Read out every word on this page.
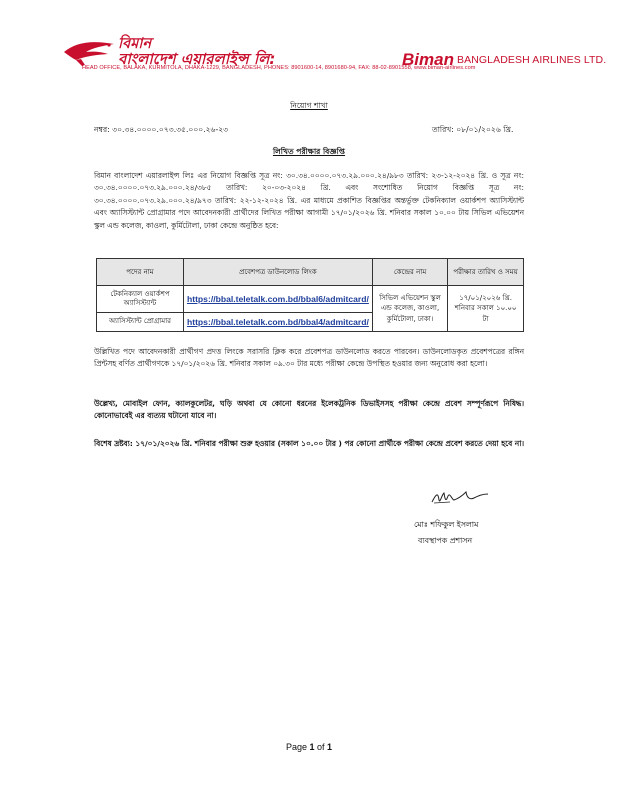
বিমান
বাংলাদেশ এয়ারলাইন্স লি:	Biman BANGLADESH AIRLINES LTD.
HEAD OFFICE, BALAKA, KURMITOLA, DHAKA-1229, BANGLADESH, PHONES: 8901600-14, 8901680-94, FAX: 88-02-8901558, www.biman-airlines.com
নিয়োগ শাখা
নম্বর: ৩০.৩৪.০০০০.০৭৩.৩৫.০০০.২৬-২৩	তারিখ: ০৮/০১/২০২৬ খ্রি.
লিখিত পরীক্ষার বিজ্ঞপ্তি
বিমান বাংলাদেশ এয়ারলাইন্স লিঃ এর নিয়োগ বিজ্ঞপ্তি সূত্র নং: ৩০.৩৪.০০০০.০৭৩.২৯.০০০.২৪/৯৮৩ তারিখ: ২৩-১২-২০২৪ খ্রি. ও সূত্র নং: ৩০.৩৪.০০০০.০৭৩.২৯.০০০.২৪/৩৮৫ তারিখ: ২০-০৩-২০২৪ খ্রি. এবং সংশোধিত নিয়োগ বিজ্ঞপ্তি সূত্র নং: ৩০.৩৪.০০০০.০৭৩.২৯.০০০.২৪/৯৭৩ তারিখ: ২২-১২-২০২৪ খ্রি. এর মাধ্যমে প্রকাশিত বিজ্ঞপ্তির অন্তর্ভুক্ত টেকনিক্যাল ওয়ার্কশপ অ্যাসিস্ট্যান্ট এবং অ্যাসিস্ট্যান্ট প্রোগ্রামার পদে আবেদনকারী প্রার্থীদের লিখিত পরীক্ষা আগামী ১৭/০১/২০২৬ খ্রি. শনিবার সকাল ১০.০০ টায় সিভিল এভিয়েশন স্কুল এন্ড কলেজ, কাওলা, কুর্মিটোলা, ঢাকা কেন্দ্রে অনুষ্ঠিত হবে:
পদের নাম	প্রবেশপত্র ডাউনলোড লিংক	কেন্দ্রের নাম	পরীক্ষার তারিখ ও সময়
টেকনিক্যাল ওয়ার্কশপ অ্যাসিস্ট্যান্ট	https://bbal.teletalk.com.bd/bbal6/admitcard/	সিভিল এভিয়েশন স্কুল এন্ড কলেজ, কাওলা, কুর্মিটোলা, ঢাকা।	১৭/০১/২০২৬ খ্রি. শনিবার সকাল ১০.০০ টা
অ্যাসিস্ট্যান্ট প্রোগ্রামার	https://bbal.teletalk.com.bd/bbal4/admitcard/		
উল্লিখিত পদে আবেদনকারী প্রার্থীগণ প্রদত্ত লিংকে সরাসরি ক্লিক করে প্রবেশপত্র ডাউনলোড করতে পারবেন। ডাউনলোডকৃত প্রবেশপত্রের রঙ্গিন প্রিন্টসহ বর্ণিত প্রার্থীগণকে ১৭/০১/২০২৬ খ্রি. শনিবার সকাল ০৯.৩০ টার মধ্যে পরীক্ষা কেন্দ্রে উপস্থিত হওয়ার জন্য অনুরোধ করা হলো।
উল্লেখ্য, মোবাইল ফোন, ক্যালকুলেটর, ঘড়ি অথবা যে কোনো ধরনের ইলেকট্রনিক ডিভাইসসহ পরীক্ষা কেন্দ্রে প্রবেশ সম্পূর্ণরূপে নিষিদ্ধ। কোনোভাবেই এর ব্যত্যয় ঘটানো যাবে না।
বিশেষ দ্রষ্টব্য: ১৭/০১/২০২৬ খ্রি. শনিবার পরীক্ষা শুরু হওয়ার (সকাল ১০.০০ টার ) পর কোনো প্রার্থীকে পরীক্ষা কেন্দ্রে প্রবেশ করতে দেয়া হবে না।
মোঃ শফিকুল ইসলাম
ব্যবস্থাপক প্রশাসন
Page 1 of 1
